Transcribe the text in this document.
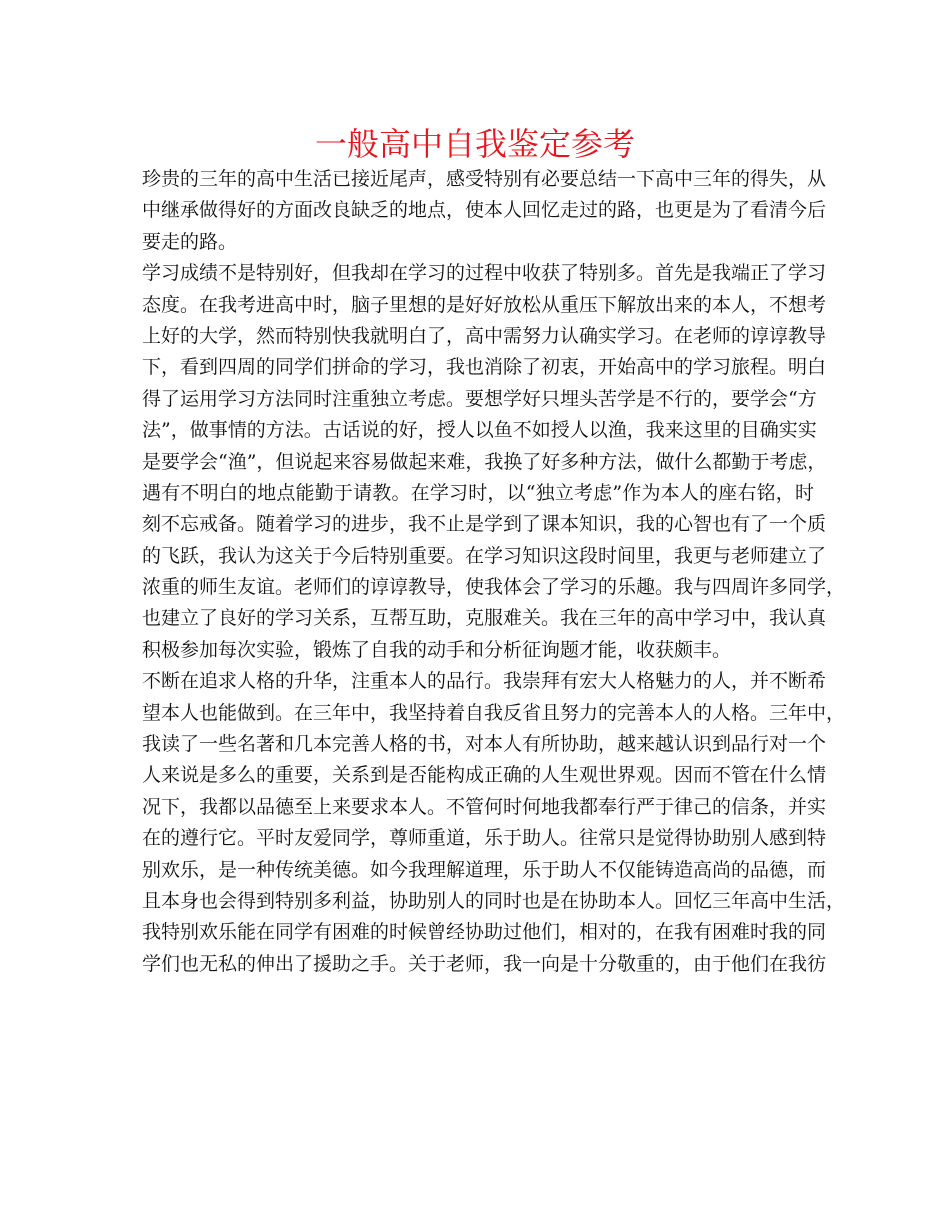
一般高中自我鉴定参考
珍贵的三年的高中生活已接近尾声，感受特别有必要总结一下高中三年的得失，从
中继承做得好的方面改良缺乏的地点，使本人回忆走过的路，也更是为了看清今后
要走的路。
学习成绩不是特别好，但我却在学习的过程中收获了特别多。首先是我端正了学习
态度。在我考进高中时，脑子里想的是好好放松从重压下解放出来的本人，不想考
上好的大学，然而特别快我就明白了，高中需努力认确实学习。在老师的谆谆教导
下，看到四周的同学们拼命的学习，我也消除了初衷，开始高中的学习旅程。明白
得了运用学习方法同时注重独立考虑。要想学好只埋头苦学是不行的，要学会“方
法”，做事情的方法。古话说的好，授人以鱼不如授人以渔，我来这里的目确实实
是要学会“渔”，但说起来容易做起来难，我换了好多种方法，做什么都勤于考虑，
遇有不明白的地点能勤于请教。在学习时，以“独立考虑”作为本人的座右铭，时
刻不忘戒备。随着学习的进步，我不止是学到了课本知识，我的心智也有了一个质
的飞跃，我认为这关于今后特别重要。在学习知识这段时间里，我更与老师建立了
浓重的师生友谊。老师们的谆谆教导，使我体会了学习的乐趣。我与四周许多同学，
也建立了良好的学习关系，互帮互助，克服难关。我在三年的高中学习中，我认真
积极参加每次实验，锻炼了自我的动手和分析征询题才能，收获颇丰。
不断在追求人格的升华，注重本人的品行。我崇拜有宏大人格魅力的人，并不断希
望本人也能做到。在三年中，我坚持着自我反省且努力的完善本人的人格。三年中，
我读了一些名著和几本完善人格的书，对本人有所协助，越来越认识到品行对一个
人来说是多么的重要，关系到是否能构成正确的人生观世界观。因而不管在什么情
况下，我都以品德至上来要求本人。不管何时何地我都奉行严于律己的信条，并实
在的遵行它。平时友爱同学，尊师重道，乐于助人。往常只是觉得协助别人感到特
别欢乐，是一种传统美德。如今我理解道理，乐于助人不仅能铸造高尚的品德，而
且本身也会得到特别多利益，协助别人的同时也是在协助本人。回忆三年高中生活，
我特别欢乐能在同学有困难的时候曾经协助过他们，相对的，在我有困难时我的同
学们也无私的伸出了援助之手。关于老师，我一向是十分敬重的，由于他们在我彷
